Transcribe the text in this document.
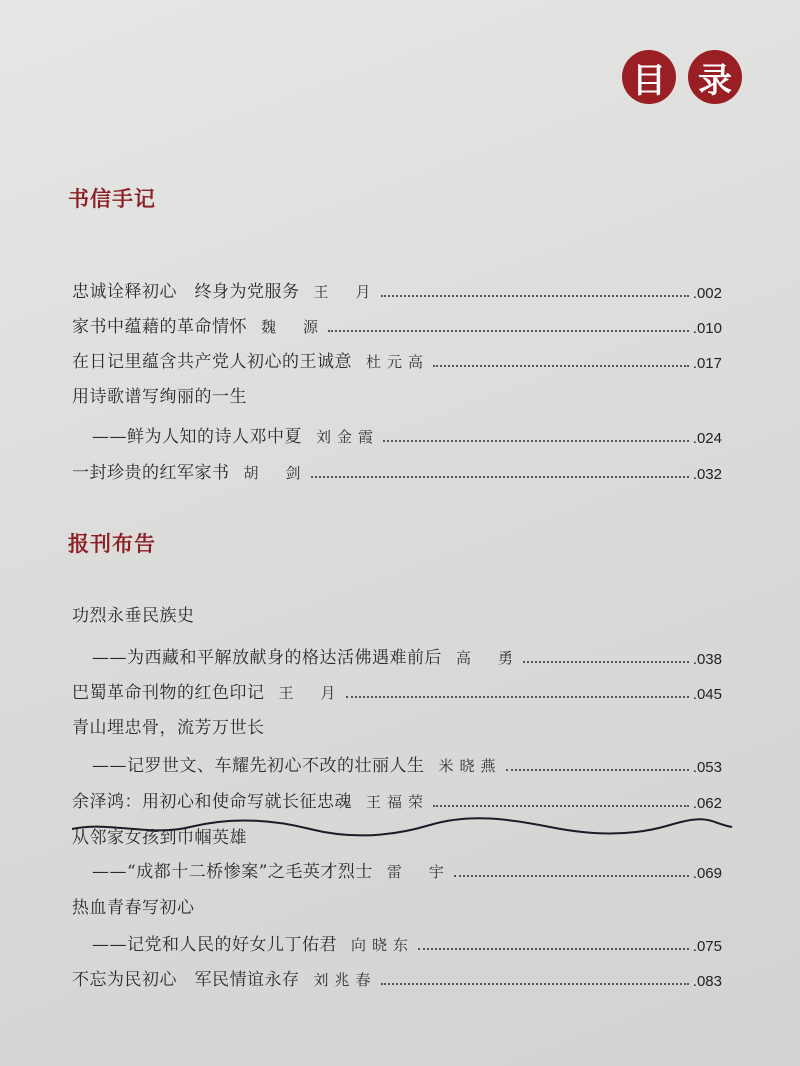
目 录
书信手记
忠诚诠释初心　终身为党服务 王　月	.002
家书中蕴藉的革命情怀 魏　源	.010
在日记里蕴含共产党人初心的王诚意 杜元高	.017
用诗歌谱写绚丽的一生
——鲜为人知的诗人邓中夏 刘金霞	.024
一封珍贵的红军家书 胡　剑	.032
报刊布告
功烈永垂民族史
——为西藏和平解放献身的格达活佛遇难前后 高　勇	.038
巴蜀革命刊物的红色印记 王　月	.045
青山埋忠骨，流芳万世长
——记罗世文、车耀先初心不改的壮丽人生 米晓燕	.053
余泽鸿：用初心和使命写就长征忠魂 王福荣	.062
从邻家女孩到巾帼英雄
——“成都十二桥惨案”之毛英才烈士 雷　宇	.069
热血青春写初心
——记党和人民的好女儿丁佑君 向晓东	.075
不忘为民初心　军民情谊永存 刘兆春	.083
